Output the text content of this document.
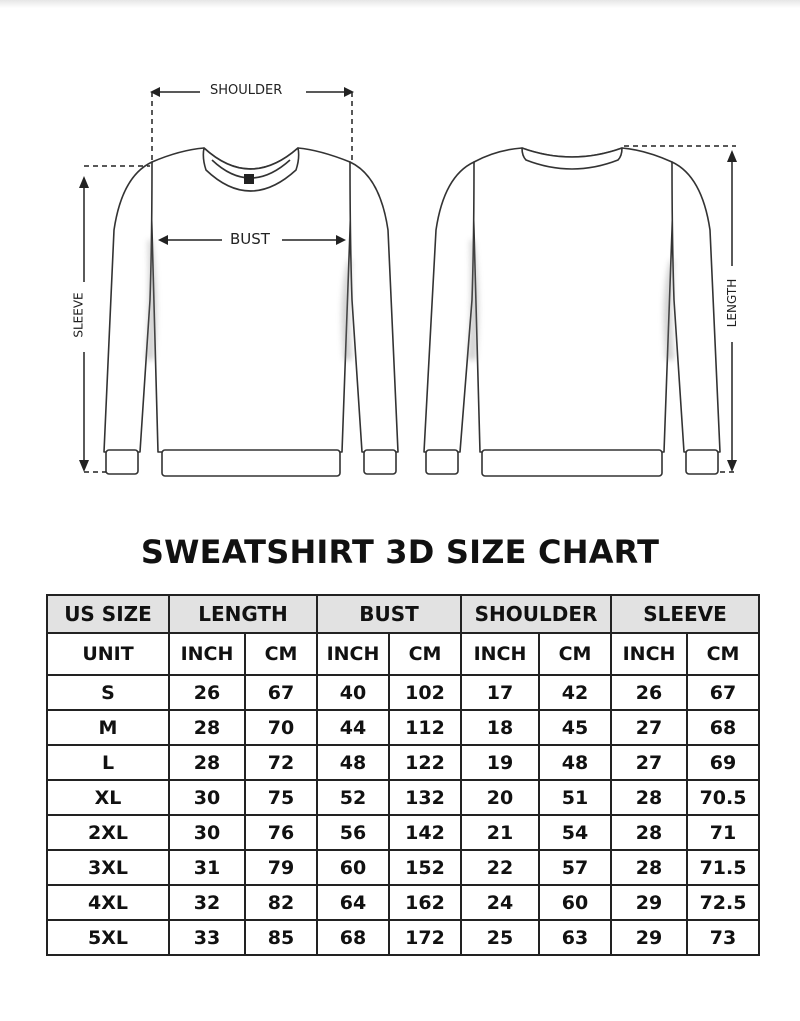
SHOULDER
BUST
SLEEVE	LENGTH
SWEATSHIRT 3D SIZE CHART
US SIZE	LENGTH		BUST		SHOULDER		SLEEVE	
UNIT	INCH	CM	INCH	CM	INCH	CM	INCH	CM
S	26	67	40	102	17	42	26	67
M	28	70	44	112	18	45	27	68
L	28	72	48	122	19	48	27	69
XL	30	75	52	132	20	51	28	70.5
2XL	30	76	56	142	21	54	28	71
3XL	31	79	60	152	22	57	28	71.5
4XL	32	82	64	162	24	60	29	72.5
5XL	33	85	68	172	25	63	29	73
